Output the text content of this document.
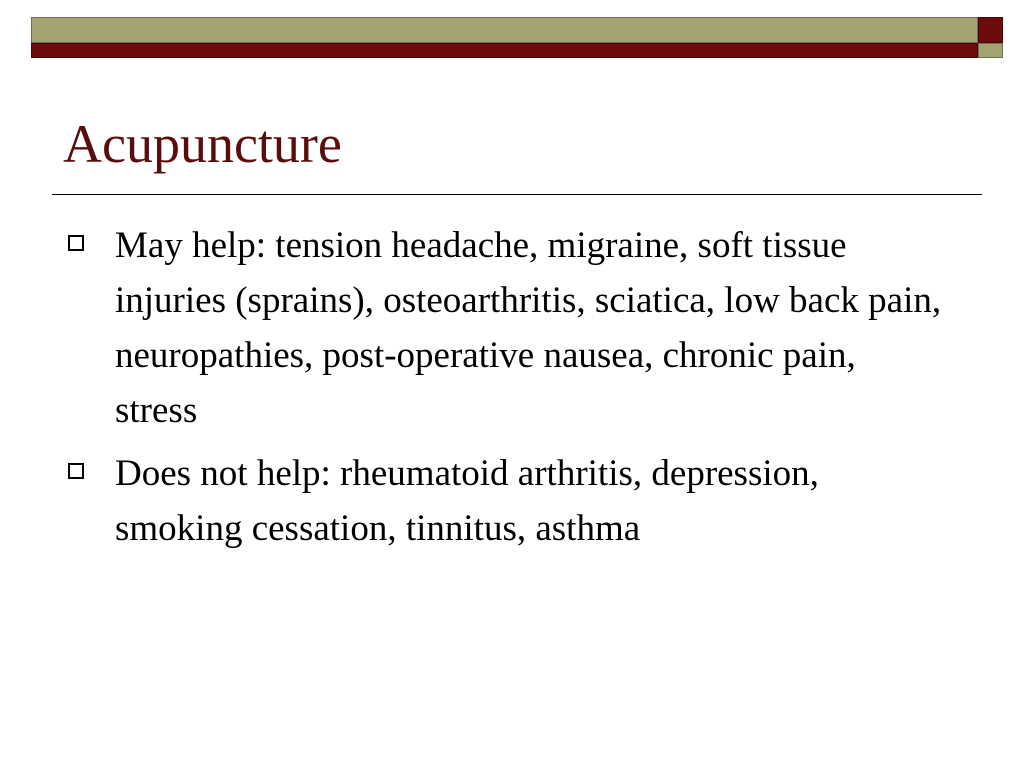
Acupuncture
May help: tension headache, migraine, soft tissue injuries (sprains), osteoarthritis, sciatica, low back pain, neuropathies, post-operative nausea, chronic pain, stress
Does not help: rheumatoid arthritis, depression, smoking cessation, tinnitus, asthma
